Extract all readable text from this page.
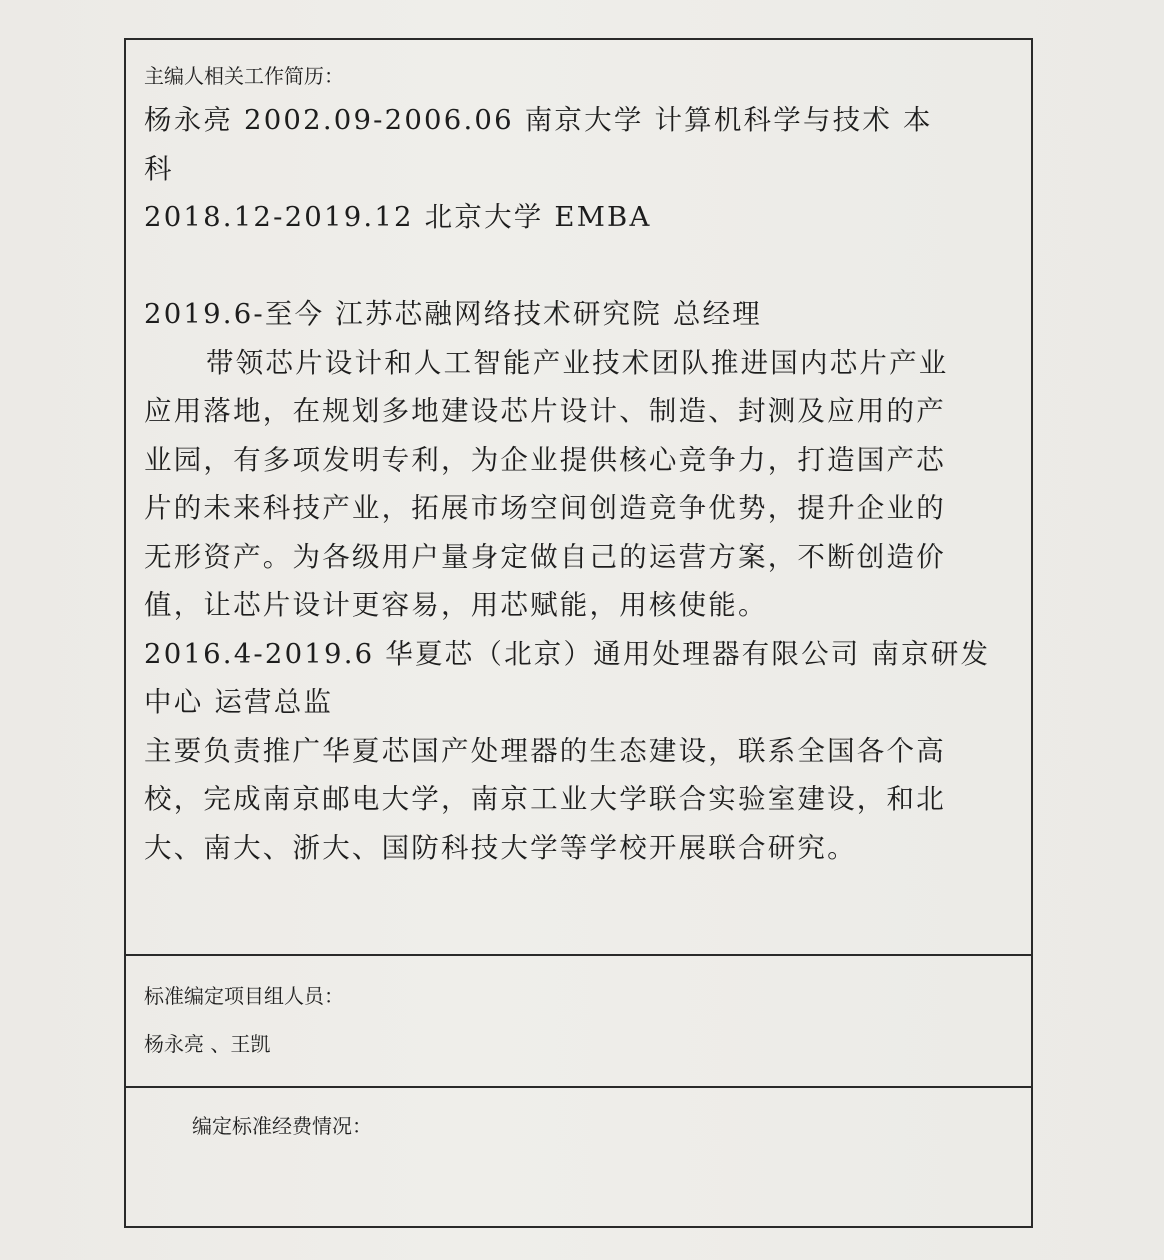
主编人相关工作简历：
杨永亮 2002.09-2006.06 南京大学 计算机科学与技术 本
科
2018.12-2019.12 北京大学 EMBA
2019.6-至今 江苏芯融网络技术研究院 总经理
带领芯片设计和人工智能产业技术团队推进国内芯片产业
应用落地，在规划多地建设芯片设计、制造、封测及应用的产
业园，有多项发明专利，为企业提供核心竞争力，打造国产芯
片的未来科技产业，拓展市场空间创造竞争优势，提升企业的
无形资产。为各级用户量身定做自己的运营方案，不断创造价
值，让芯片设计更容易，用芯赋能，用核使能。
2016.4-2019.6 华夏芯（北京）通用处理器有限公司 南京研发
中心 运营总监
主要负责推广华夏芯国产处理器的生态建设，联系全国各个高
校，完成南京邮电大学，南京工业大学联合实验室建设，和北
大、南大、浙大、国防科技大学等学校开展联合研究。
标准编定项目组人员：
杨永亮 、王凯
编定标准经费情况：
